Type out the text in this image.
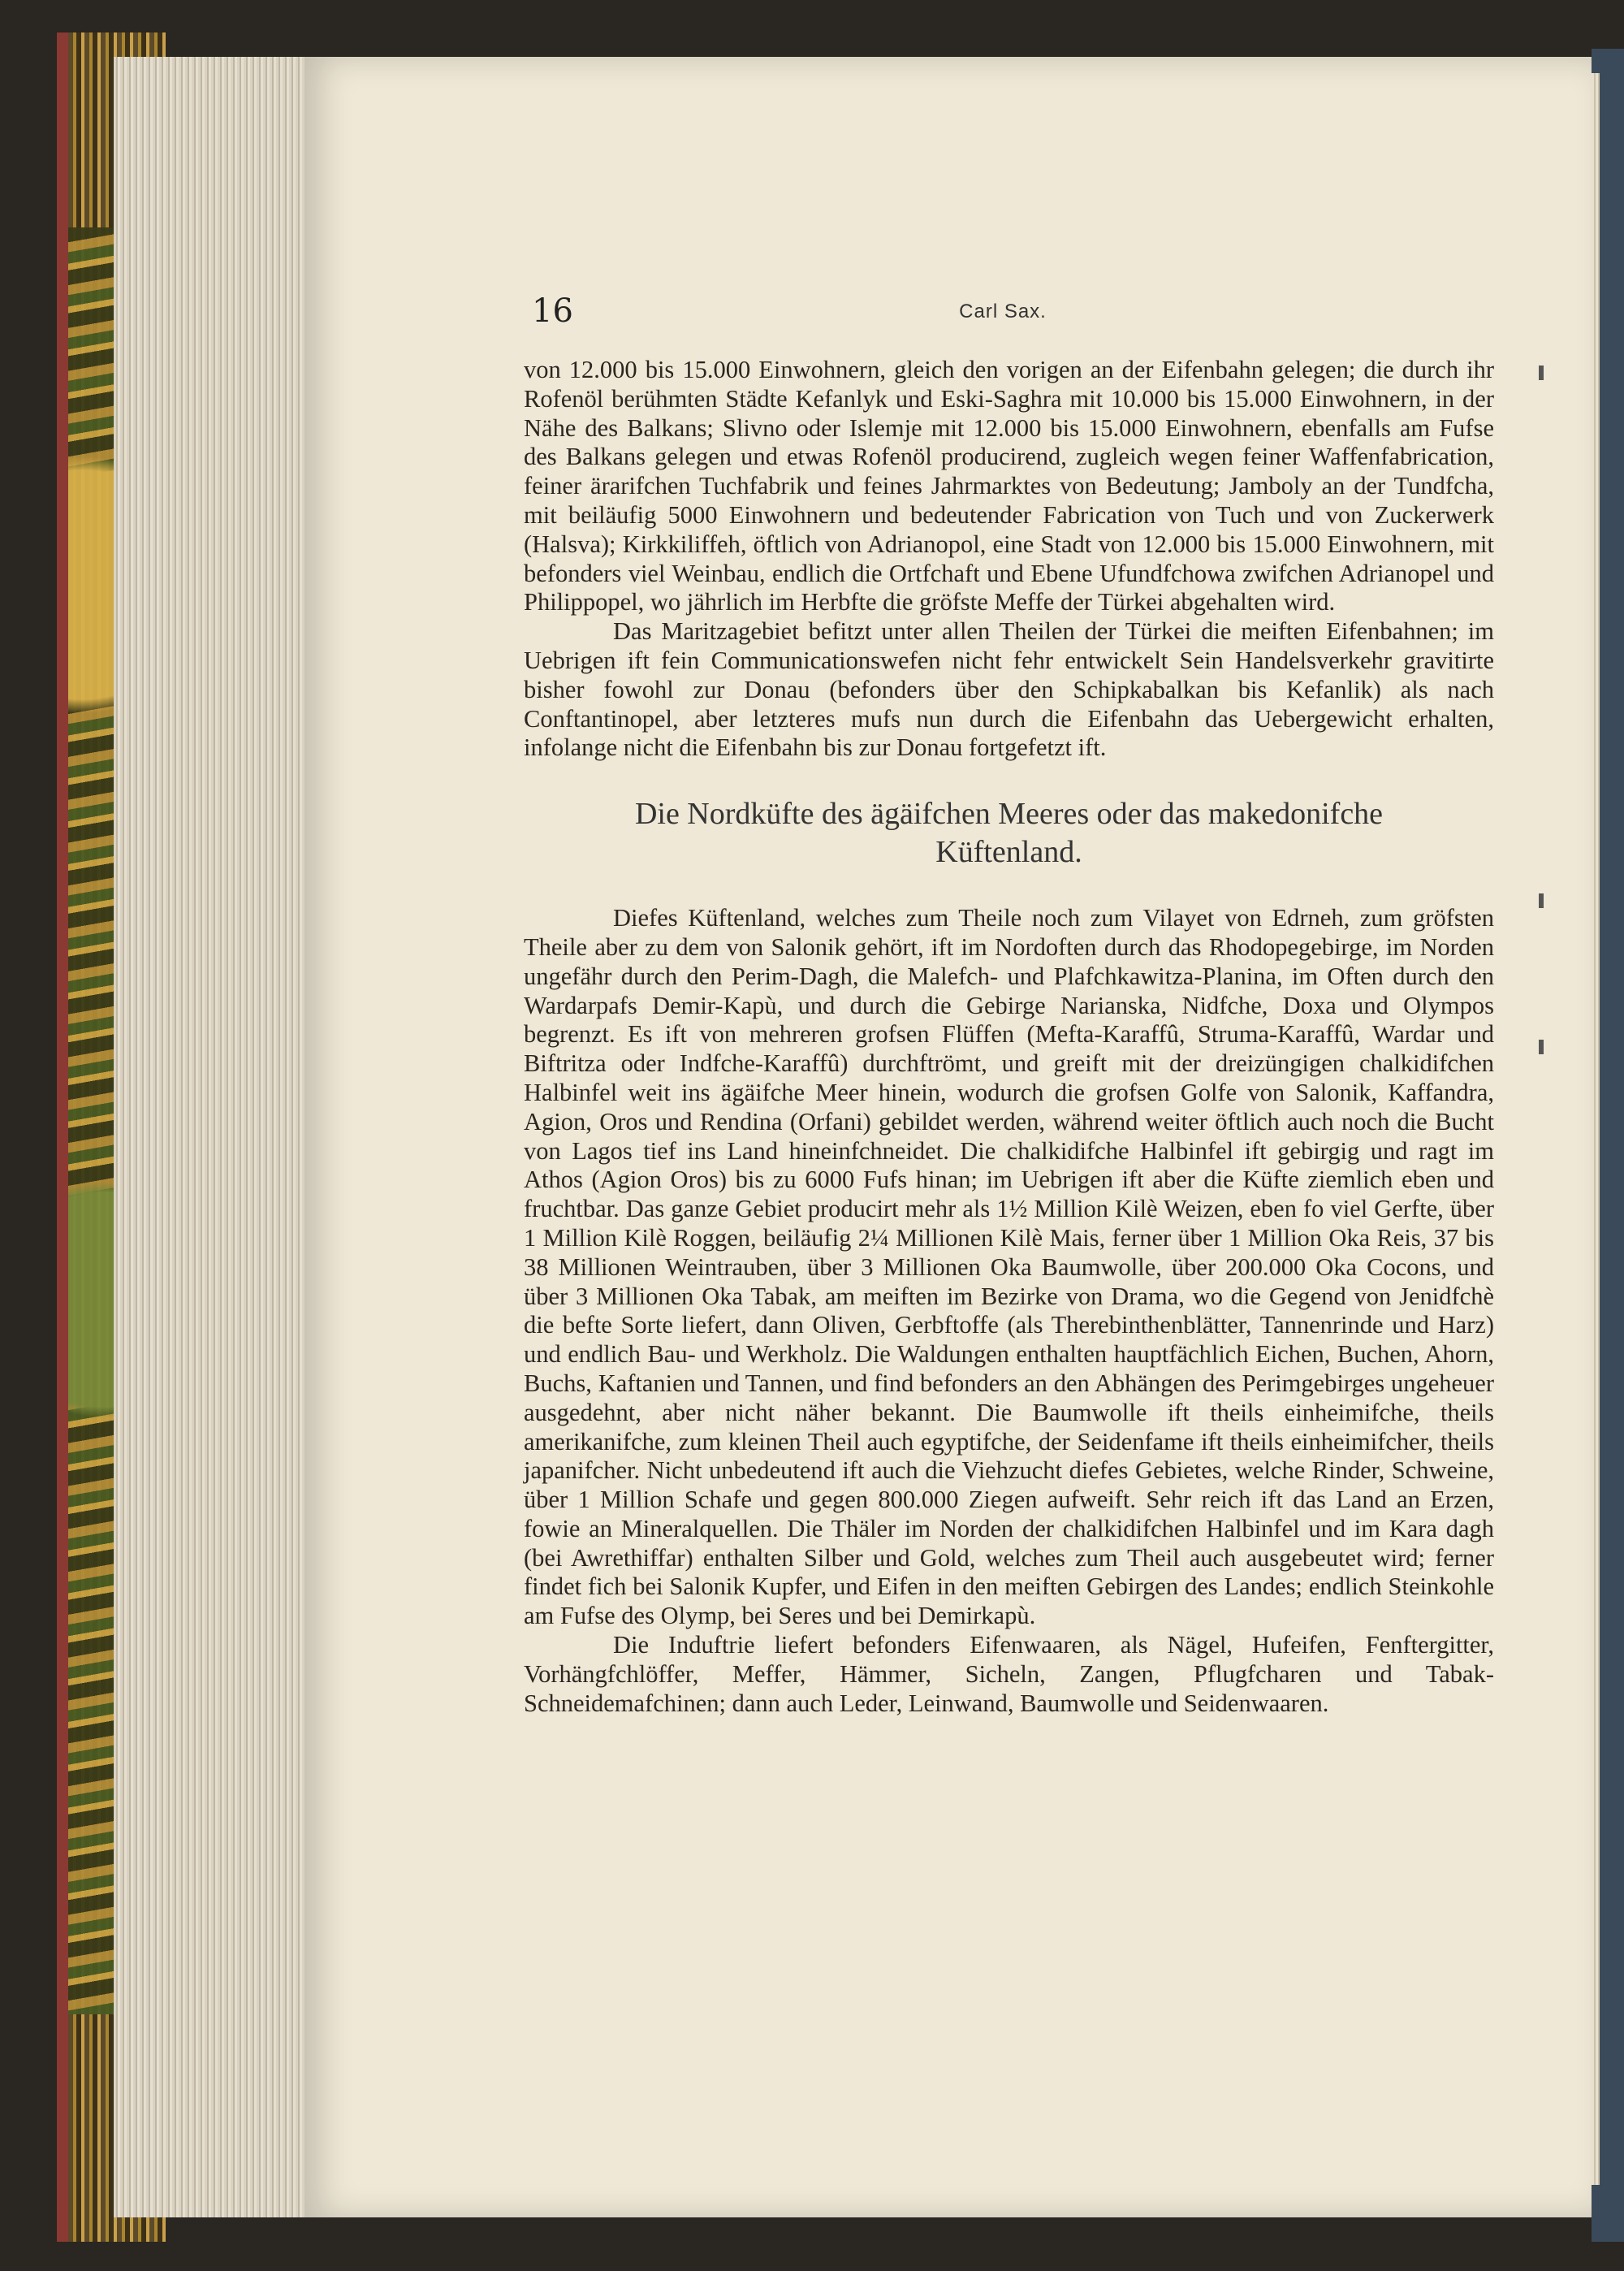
16	Carl Sax.

von 12.000 bis 15.000 Einwohnern, gleich den vorigen an der Eifenbahn gelegen; die durch ihr Rofenöl berühmten Städte Kefanlyk und Eski-Saghra mit 10.000 bis 15.000 Einwohnern, in der Nähe des Balkans; Slivno oder Islemje mit 12.000 bis 15.000 Einwohnern, ebenfalls am Fufse des Balkans gelegen und etwas Rofenöl producirend, zugleich wegen feiner Waffenfabrication, feiner ärarifchen Tuchfabrik und feines Jahrmarktes von Bedeutung; Jamboly an der Tundfcha, mit beiläufig 5000 Einwohnern und bedeutender Fabrication von Tuch und von Zuckerwerk (Halsva); Kirkkiliffeh, öftlich von Adrianopol, eine Stadt von 12.000 bis 15.000 Einwohnern, mit befonders viel Weinbau, endlich die Ortfchaft und Ebene Ufundfchowa zwifchen Adrianopel und Philippopel, wo jährlich im Herbfte die gröfste Meffe der Türkei abgehalten wird.

Das Maritzagebiet befitzt unter allen Theilen der Türkei die meiften Eifenbahnen; im Uebrigen ift fein Communicationswefen nicht fehr entwickelt Sein Handelsverkehr gravitirte bisher fowohl zur Donau (befonders über den Schipkabalkan bis Kefanlik) als nach Conftantinopel, aber letzteres mufs nun durch die Eifenbahn das Uebergewicht erhalten, infolange nicht die Eifenbahn bis zur Donau fortgefetzt ift.

Die Nordküfte des ägäifchen Meeres oder das makedonifche
Küftenland.

Diefes Küftenland, welches zum Theile noch zum Vilayet von Edrneh, zum gröfsten Theile aber zu dem von Salonik gehört, ift im Nordoften durch das Rhodopegebirge, im Norden ungefähr durch den Perim-Dagh, die Malefch- und Plafchkawitza-Planina, im Often durch den Wardarpafs Demir-Kapù, und durch die Gebirge Narianska, Nidfche, Doxa und Olympos begrenzt. Es ift von mehreren grofsen Flüffen (Mefta-Karaffû, Struma-Karaffû, Wardar und Biftritza oder Indfche-Karaffû) durchftrömt, und greift mit der dreizüngigen chalkidifchen Halbinfel weit ins ägäifche Meer hinein, wodurch die grofsen Golfe von Salonik, Kaffandra, Agion, Oros und Rendina (Orfani) gebildet werden, während weiter öftlich auch noch die Bucht von Lagos tief ins Land hineinfchneidet. Die chalkidifche Halbinfel ift gebirgig und ragt im Athos (Agion Oros) bis zu 6000 Fufs hinan; im Uebrigen ift aber die Küfte ziemlich eben und fruchtbar. Das ganze Gebiet producirt mehr als 1½ Million Kilè Weizen, eben fo viel Gerfte, über 1 Million Kilè Roggen, beiläufig 2¼ Millionen Kilè Mais, ferner über 1 Million Oka Reis, 37 bis 38 Millionen Weintrauben, über 3 Millionen Oka Baumwolle, über 200.000 Oka Cocons, und über 3 Millionen Oka Tabak, am meiften im Bezirke von Drama, wo die Gegend von Jenidfchè die befte Sorte liefert, dann Oliven, Gerbftoffe (als Therebinthenblätter, Tannenrinde und Harz) und endlich Bau- und Werkholz. Die Waldungen enthalten hauptfächlich Eichen, Buchen, Ahorn, Buchs, Kaftanien und Tannen, und find befonders an den Abhängen des Perimgebirges ungeheuer ausgedehnt, aber nicht näher bekannt. Die Baumwolle ift theils einheimifche, theils amerikanifche, zum kleinen Theil auch egyptifche, der Seidenfame ift theils einheimifcher, theils japanifcher. Nicht unbedeutend ift auch die Viehzucht diefes Gebietes, welche Rinder, Schweine, über 1 Million Schafe und gegen 800.000 Ziegen aufweift. Sehr reich ift das Land an Erzen, fowie an Mineralquellen. Die Thäler im Norden der chalkidifchen Halbinfel und im Kara dagh (bei Awrethiffar) enthalten Silber und Gold, welches zum Theil auch ausgebeutet wird; ferner findet fich bei Salonik Kupfer, und Eifen in den meiften Gebirgen des Landes; endlich Steinkohle am Fufse des Olymp, bei Seres und bei Demirkapù.

Die Induftrie liefert befonders Eifenwaaren, als Nägel, Hufeifen, Fenftergitter, Vorhängfchlöffer, Meffer, Hämmer, Sicheln, Zangen, Pflugfcharen und Tabak-Schneidemafchinen; dann auch Leder, Leinwand, Baumwolle und Seidenwaaren.
